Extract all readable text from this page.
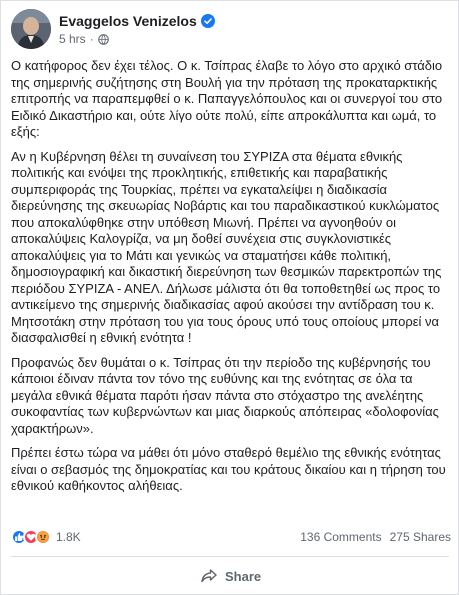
Evaggelos Venizelos
5 hrs ·

Ο κατήφορος δεν έχει τέλος. Ο κ. Τσίπρας έλαβε το λόγο στο αρχικό στάδιο της σημερινής συζήτησης στη Βουλή για την πρόταση της προκαταρκτικής επιτροπής να παραπεμφθεί ο κ. Παπαγγελόπουλος και οι συνεργοί του στο Ειδικό Δικαστήριο και, ούτε λίγο ούτε πολύ, είπε απροκάλυπτα και ωμά, το εξής:

Αν η Κυβέρνηση θέλει τη συναίνεση του ΣΥΡΙΖΑ στα θέματα εθνικής πολιτικής και ενόψει της προκλητικής, επιθετικής και παραβατικής συμπεριφοράς της Τουρκίας, πρέπει να εγκαταλείψει η διαδικασία διερεύνησης της σκευωρίας Νοβάρτις και του παραδικαστικού κυκλώματος που αποκαλύφθηκε στην υπόθεση Μιωνή. Πρέπει να αγνοηθούν οι αποκαλύψεις Καλογρίζα, να μη δοθεί συνέχεια στις συγκλονιστικές αποκαλύψεις για το Μάτι και γενικώς να σταματήσει κάθε πολιτική, δημοσιογραφική και δικαστική διερεύνηση των θεσμικών παρεκτροπών της περιόδου ΣΥΡΙΖΑ - ΑΝΕΛ. Δήλωσε μάλιστα ότι θα τοποθετηθεί ως προς το αντικείμενο της σημερινής διαδικασίας αφού ακούσει την αντίδραση του κ. Μητσοτάκη στην πρόταση του για τους όρους υπό τους οποίους μπορεί να διασφαλισθεί η εθνική ενότητα !

Προφανώς δεν θυμάται ο κ. Τσίπρας ότι την περίοδο της κυβέρνησής του κάποιοι έδιναν πάντα τον τόνο της ευθύνης και της ενότητας σε όλα τα μεγάλα εθνικά θέματα παρότι ήσαν πάντα στο στόχαστρο της ανελέητης συκοφαντίας των κυβερνώντων και μιας διαρκούς απόπειρας «δολοφονίας χαρακτήρων».

Πρέπει έστω τώρα να μάθει ότι μόνο σταθερό θεμέλιο της εθνικής ενότητας είναι ο σεβασμός της δημοκρατίας και του κράτους δικαίου και η τήρηση του εθνικού καθήκοντος αλήθειας.

1.8K	136 Comments 275 Shares
Share
